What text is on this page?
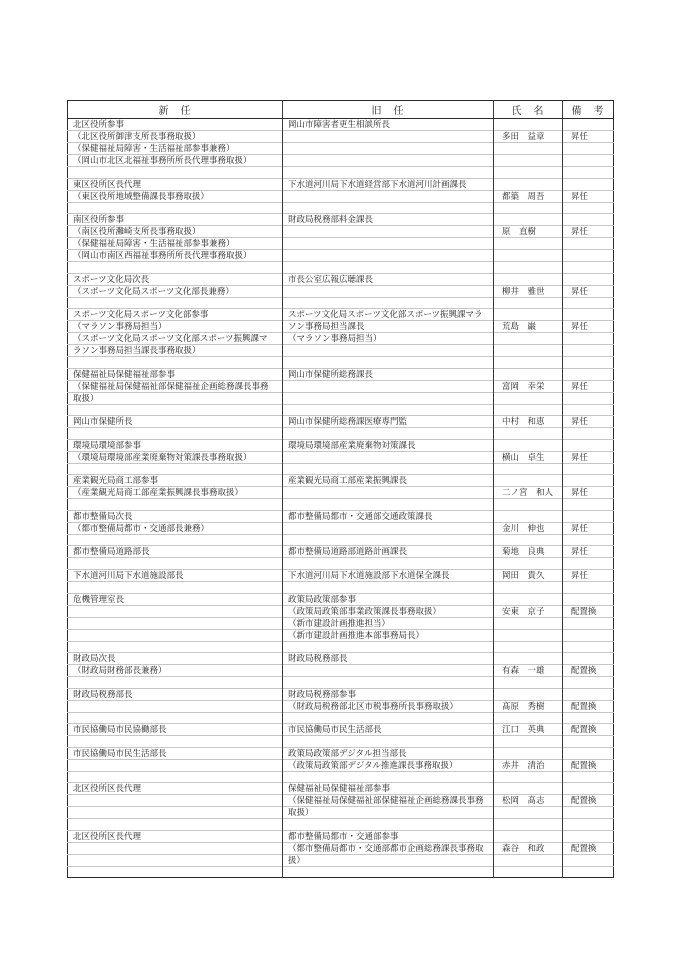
新　任	旧　任	氏　名	備　考
北区役所参事	岡山市障害者更生相談所長		
（北区役所御津支所長事務取扱）		多田　益章	昇任
（保健福祉局障害・生活福祉部参事兼務）			
（岡山市北区北福祉事務所所長代理事務取扱）			

東区役所区長代理	下水道河川局下水道経営部下水道河川計画課長		
（東区役所地域整備課長事務取扱）		都築　周吾	昇任

南区役所参事	財政局税務部料金課長		
（南区役所灘崎支所長事務取扱）		原　直樹	昇任
（保健福祉局障害・生活福祉部参事兼務）			
（岡山市南区西福祉事務所所長代理事務取扱）			

スポーツ文化局次長	市長公室広報広聴課長		
（スポーツ文化局スポーツ文化部長兼務）		柳井　雅世	昇任

スポーツ文化局スポーツ文化部参事	スポーツ文化局スポーツ文化部スポーツ振興課マラ		
（マラソン事務局担当）	ソン事務局担当課長	荒島　巌	昇任
（スポーツ文化局スポーツ文化部スポーツ振興課マ	（マラソン事務局担当）		
ラソン事務局担当課長事務取扱）			

保健福祉局保健福祉部参事	岡山市保健所総務課長		
（保健福祉局保健福祉部保健福祉企画総務課長事務		富岡　幸栄	昇任
取扱）			

岡山市保健所長	岡山市保健所総務課医療専門監	中村　和恵	昇任

環境局環境部参事	環境局環境部産業廃棄物対策課長		
（環境局環境部産業廃棄物対策課長事務取扱）		横山　卓生	昇任

産業観光局商工部参事	産業観光局商工部産業振興課長		
（産業観光局商工部産業振興課長事務取扱）		二ノ宮　和人	昇任

都市整備局次長	都市整備局都市・交通部交通政策課長		
（都市整備局都市・交通部長兼務）		金川　伸也	昇任

都市整備局道路部長	都市整備局道路部道路計画課長	菊地　良典	昇任

下水道河川局下水道施設部長	下水道河川局下水道施設部下水道保全課長	岡田　貴久	昇任

危機管理室長	政策局政策部参事		
	（政策局政策部事業政策課長事務取扱）	安東　京子	配置換
	（新市建設計画推進担当）		
	（新市建設計画推進本部事務局長）		

財政局次長	財政局税務部長		
（財政局財務部長兼務）		有森　一雄	配置換

財政局税務部長	財政局税務部参事		
	（財政局税務部北区市税事務所長事務取扱）	髙原　秀樹	配置換

市民協働局市民協働部長	市民協働局市民生活部長	江口　英典	配置換

市民協働局市民生活部長	政策局政策部デジタル担当部長		
	（政策局政策部デジタル推進課長事務取扱）	赤井　清治	配置換

北区役所区長代理	保健福祉局保健福祉部参事		
	（保健福祉局保健福祉部保健福祉企画総務課長事務	松岡　髙志	配置換
	取扱）		

北区役所区長代理	都市整備局都市・交通部参事		
	（都市整備局都市・交通部都市企画総務課長事務取	森谷　和政	配置換
	扱）		
